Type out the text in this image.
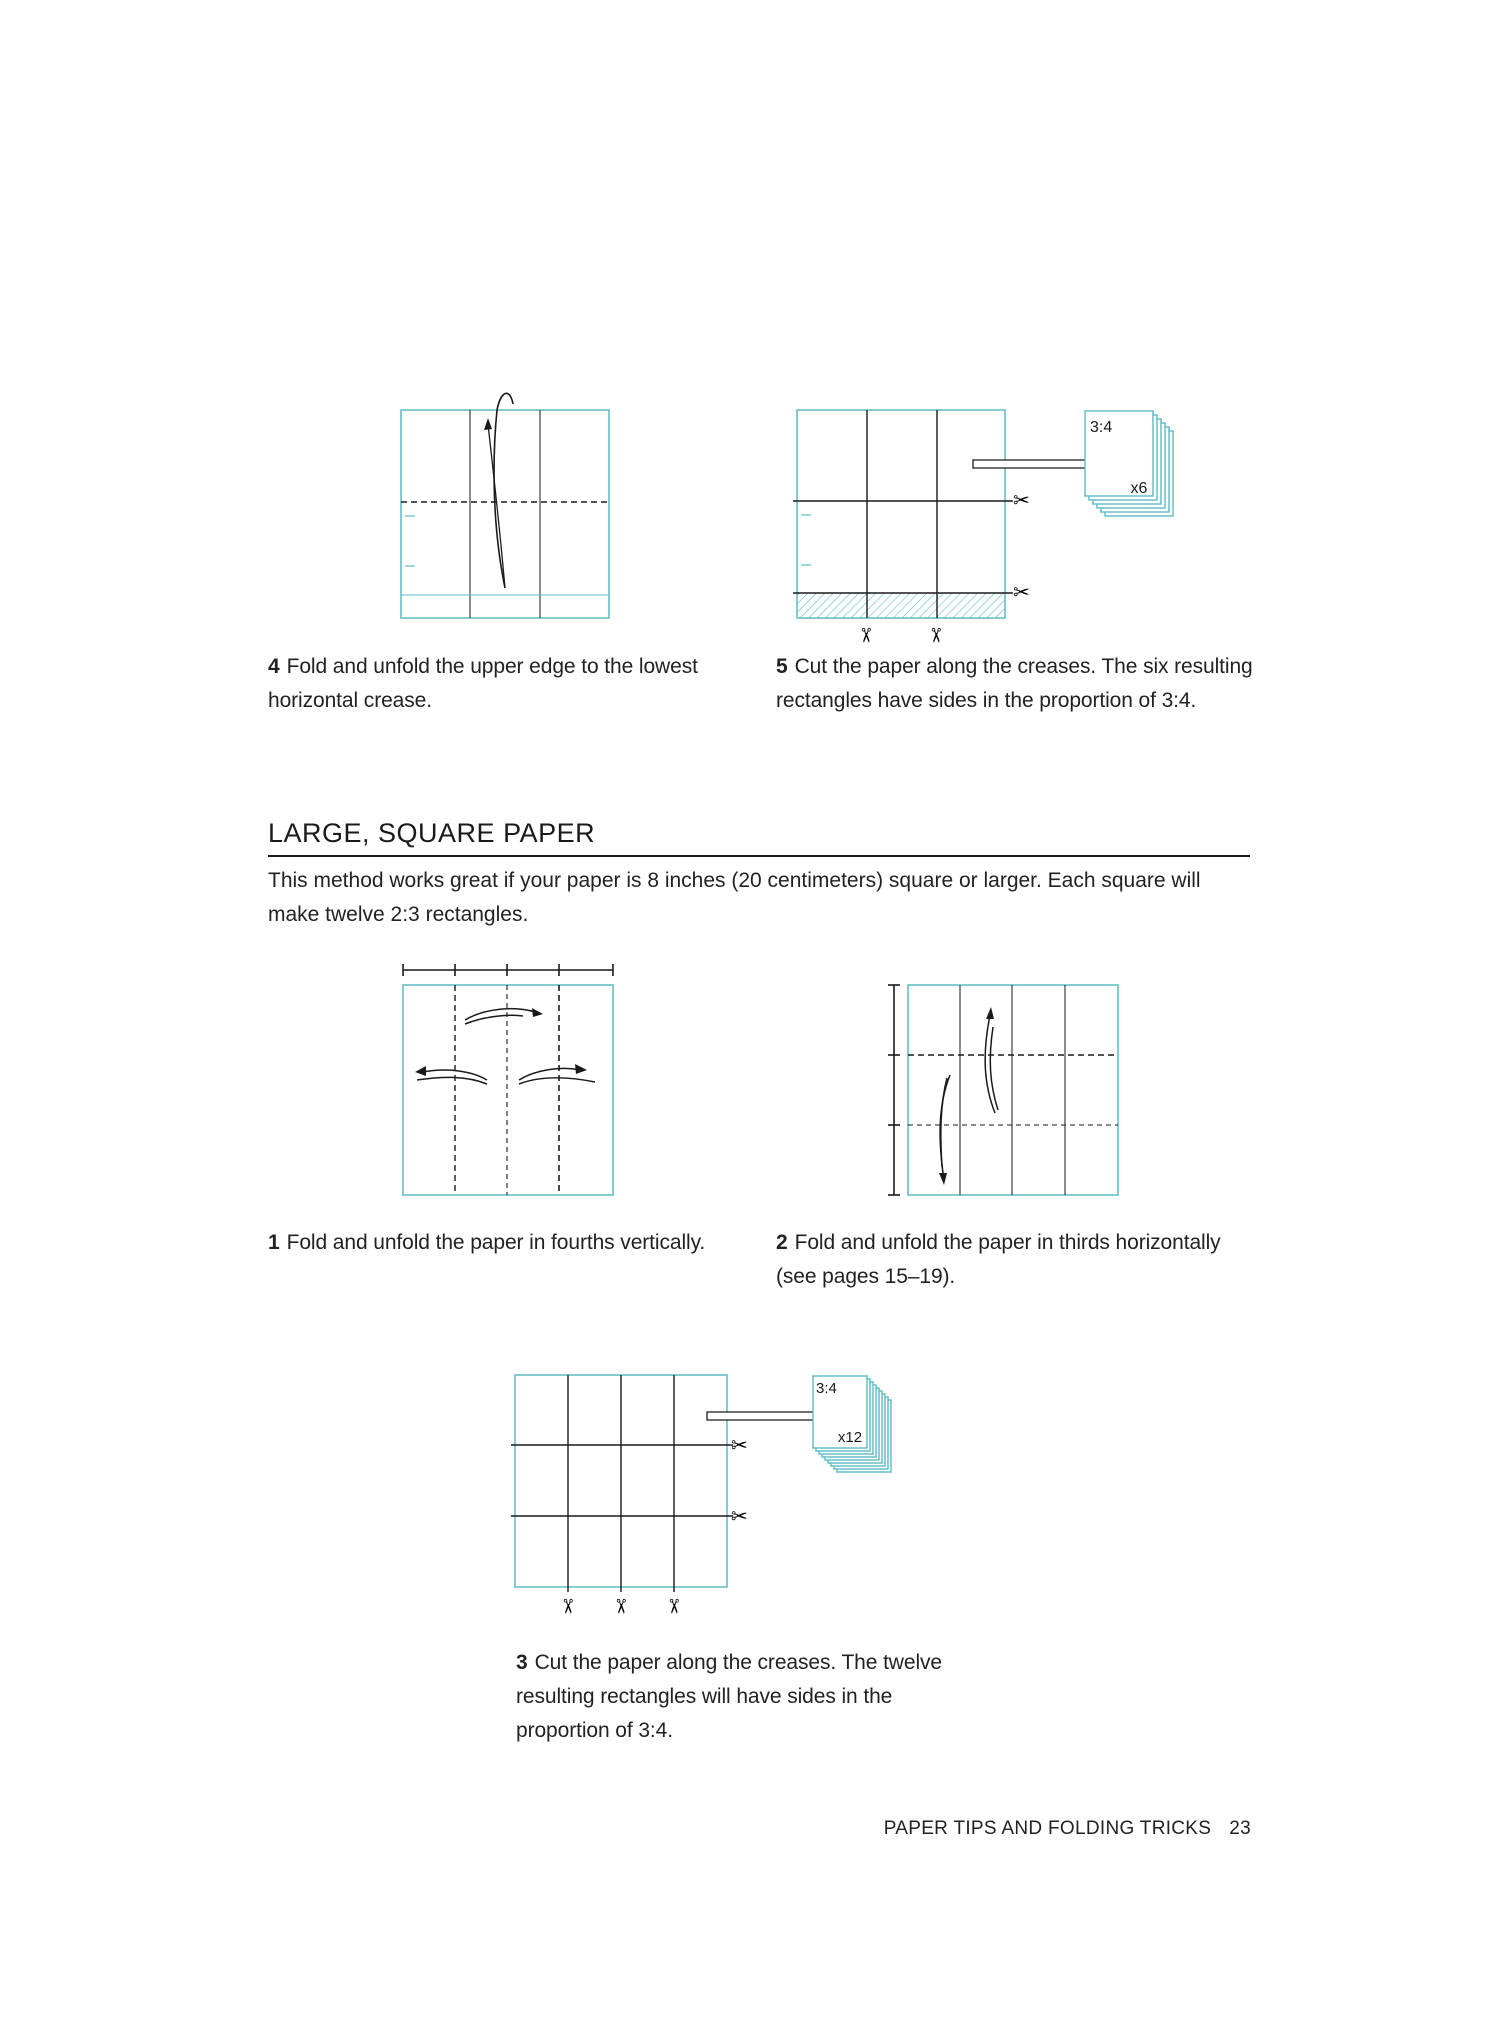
✂
✂
✂ ✂
3:4
x6
4 Fold and unfold the upper edge to the lowest horizontal crease.
5 Cut the paper along the creases. The six resulting rectangles have sides in the proportion of 3:4.
LARGE, SQUARE PAPER
This method works great if your paper is 8 inches (20 centimeters) square or larger. Each square will make twelve 2:3 rectangles.
1 Fold and unfold the paper in fourths vertically.	2 Fold and unfold the paper in thirds horizontally (see pages 15–19).
✂
✂
✂ ✂ ✂
3:4
x12
3 Cut the paper along the creases. The twelve resulting rectangles will have sides in the proportion of 3:4.
PAPER TIPS AND FOLDING TRICKS 23
